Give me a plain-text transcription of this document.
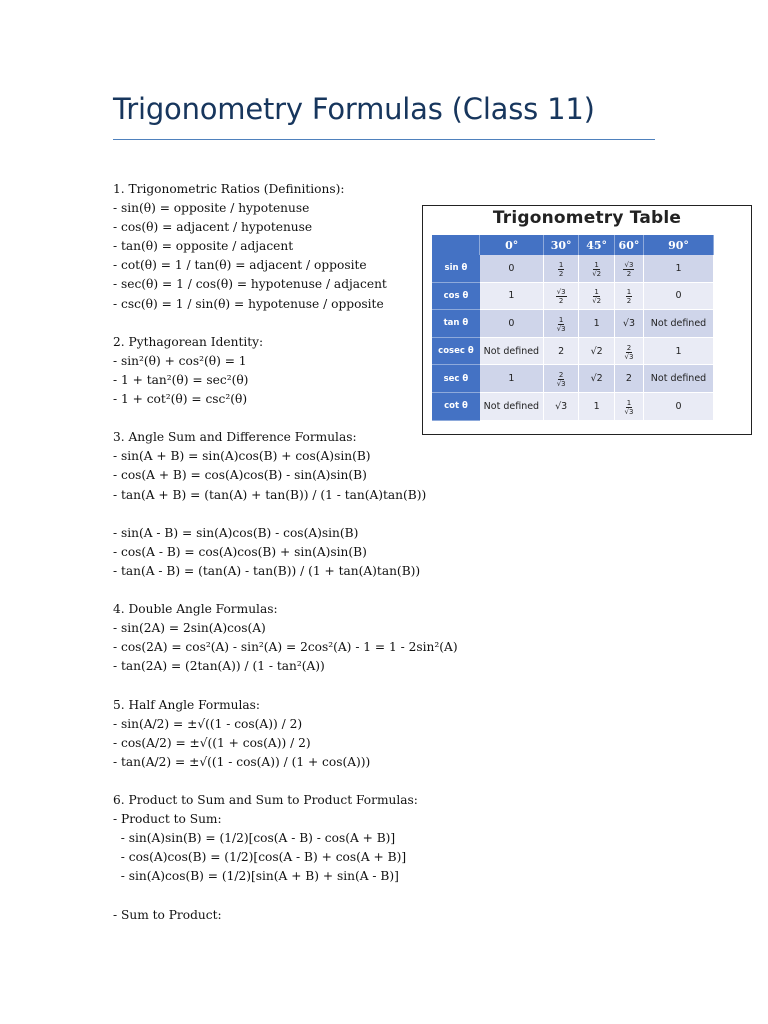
Trigonometry Formulas (Class 11)
1. Trigonometric Ratios (Definitions):
- sin(θ) = opposite / hypotenuse
- cos(θ) = adjacent / hypotenuse
- tan(θ) = opposite / adjacent
- cot(θ) = 1 / tan(θ) = adjacent / opposite
- sec(θ) = 1 / cos(θ) = hypotenuse / adjacent
- csc(θ) = 1 / sin(θ) = hypotenuse / opposite
2. Pythagorean Identity:
- sin²(θ) + cos²(θ) = 1
- 1 + tan²(θ) = sec²(θ)
- 1 + cot²(θ) = csc²(θ)
3. Angle Sum and Difference Formulas:
- sin(A + B) = sin(A)cos(B) + cos(A)sin(B)
- cos(A + B) = cos(A)cos(B) - sin(A)sin(B)
- tan(A + B) = (tan(A) + tan(B)) / (1 - tan(A)tan(B))
- sin(A - B) = sin(A)cos(B) - cos(A)sin(B)
- cos(A - B) = cos(A)cos(B) + sin(A)sin(B)
- tan(A - B) = (tan(A) - tan(B)) / (1 + tan(A)tan(B))
4. Double Angle Formulas:
- sin(2A) = 2sin(A)cos(A)
- cos(2A) = cos²(A) - sin²(A) = 2cos²(A) - 1 = 1 - 2sin²(A)
- tan(2A) = (2tan(A)) / (1 - tan²(A))
5. Half Angle Formulas:
- sin(A/2) = ±√((1 - cos(A)) / 2)
- cos(A/2) = ±√((1 + cos(A)) / 2)
- tan(A/2) = ±√((1 - cos(A)) / (1 + cos(A)))
6. Product to Sum and Sum to Product Formulas:
- Product to Sum:
- sin(A)sin(B) = (1/2)[cos(A - B) - cos(A + B)]
- cos(A)cos(B) = (1/2)[cos(A - B) + cos(A + B)]
- sin(A)cos(B) = (1/2)[sin(A + B) + sin(A - B)]
- Sum to Product:
Trigonometry Table
	0°	30°	45°	60°	90°
sin θ	0	$\frac{1}{2}$	$\frac{1}{√2}$	$\frac{√3}{2}$	1
cos θ	1	$\frac{√3}{2}$	$\frac{1}{√2}$	$\frac{1}{2}$	0
tan θ	0	$\frac{1}{√3}$	1	√3	Not defined
cosec θ	Not defined	2	√2	$\frac{2}{√3}$	1
sec θ	1	$\frac{2}{√3}$	√2	2	Not defined
cot θ	Not defined	√3	1	$\frac{1}{√3}$	0
